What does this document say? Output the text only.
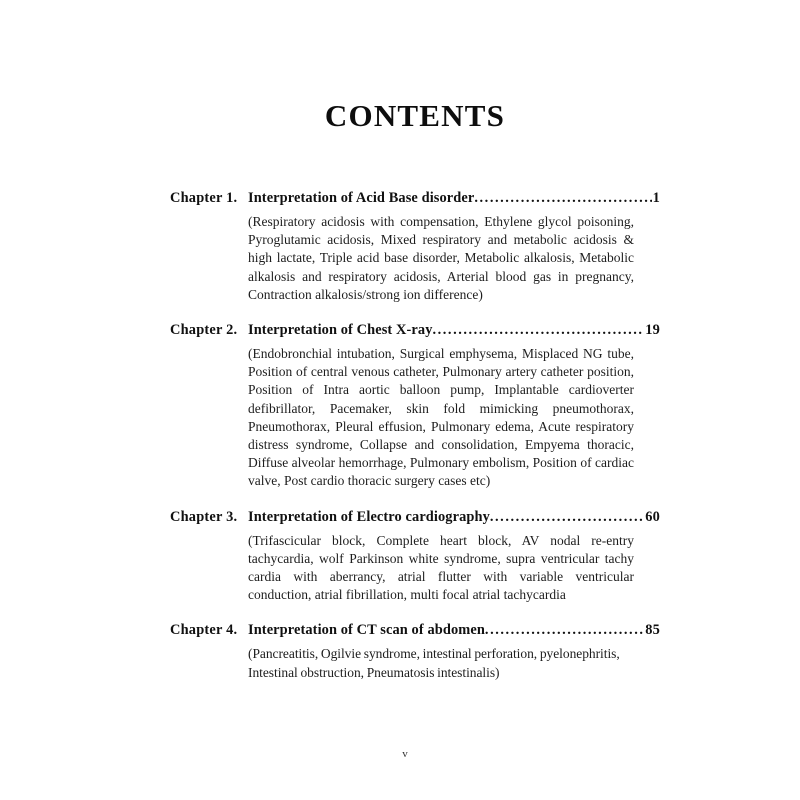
CONTENTS
Chapter 1. Interpretation of Acid Base disorder .....	1
(Respiratory acidosis with compensation, Ethylene glycol poisoning, Pyroglutamic acidosis, Mixed respiratory and metabolic acidosis & high lactate, Triple acid base disorder, Metabolic alkalosis, Metabolic alkalosis and respiratory acidosis, Arterial blood gas in pregnancy, Contraction alkalosis/strong ion difference)
Chapter 2. Interpretation of Chest X-ray .....	19
(Endobronchial intubation, Surgical emphysema, Misplaced NG tube, Position of central venous catheter, Pulmonary artery catheter position, Position of Intra aortic balloon pump, Implantable cardioverter defibrillator, Pacemaker, skin fold mimicking pneumothorax, Pneumothorax, Pleural effusion, Pulmonary edema, Acute respiratory distress syndrome, Collapse and consolidation, Empyema thoracic, Diffuse alveolar hemorrhage, Pulmonary embolism, Position of cardiac valve, Post cardio thoracic surgery cases etc)
Chapter 3. Interpretation of Electro cardiography .....	60
(Trifascicular block, Complete heart block, AV nodal re-entry tachycardia, wolf Parkinson white syndrome, supra ventricular tachy cardia with aberrancy, atrial flutter with variable ventricular conduction, atrial fibrillation, multi focal atrial tachycardia
Chapter 4. Interpretation of CT scan of abdomen .....	85
(Pancreatitis, Ogilvie syndrome, intestinal perforation, pyelonephritis, Intestinal obstruction, Pneumatosis intestinalis)
v
